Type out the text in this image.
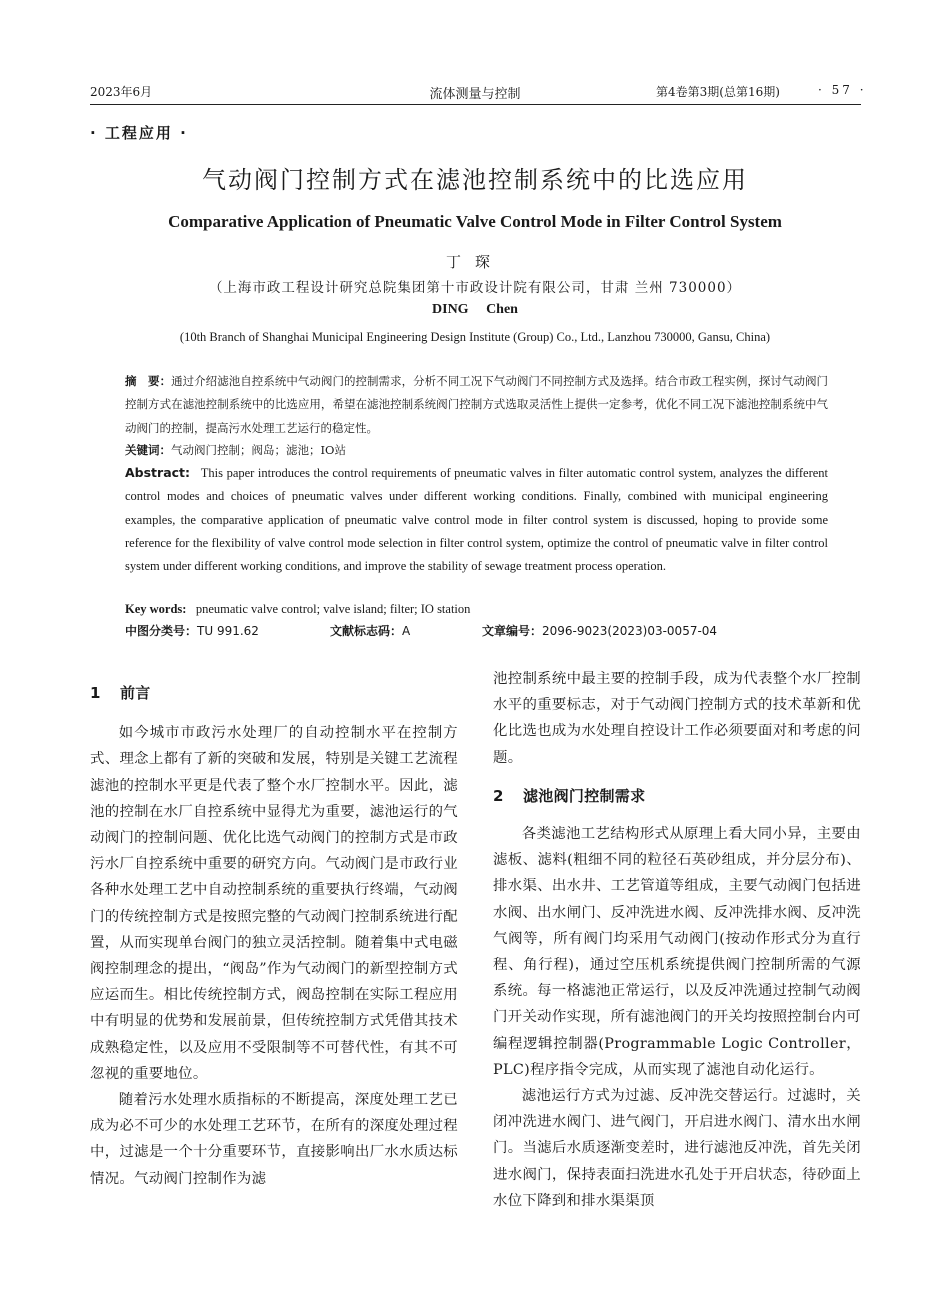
2023年6月	流体测量与控制	第4卷第3期(总第16期)	· 57 ·
· 工程应用 ·
气动阀门控制方式在滤池控制系统中的比选应用
Comparative Application of Pneumatic Valve Control Mode in Filter Control System
丁琛
（上海市政工程设计研究总院集团第十市政设计院有限公司，甘肃 兰州 730000）
DING Chen
(10th Branch of Shanghai Municipal Engineering Design Institute (Group) Co., Ltd., Lanzhou 730000, Gansu, China)
摘　要：通过介绍滤池自控系统中气动阀门的控制需求，分析不同工况下气动阀门不同控制方式及选择。结合市政工程实例，探讨气动阀门控制方式在滤池控制系统中的比选应用，希望在滤池控制系统阀门控制方式选取灵活性上提供一定参考，优化不同工况下滤池控制系统中气动阀门的控制，提高污水处理工艺运行的稳定性。
关键词：气动阀门控制；阀岛；滤池；IO站
Abstract: This paper introduces the control requirements of pneumatic valves in filter automatic control system, analyzes the different control modes and choices of pneumatic valves under different working conditions. Finally, combined with municipal engineering examples, the comparative application of pneumatic valve control mode in filter control system is discussed, hoping to provide some reference for the flexibility of valve control mode selection in filter control system, optimize the control of pneumatic valve in filter control system under different working conditions, and improve the stability of sewage treatment process operation.
Key words: pneumatic valve control; valve island; filter; IO station
中图分类号：TU 991.62	文献标志码：A	文章编号：2096-9023(2023)03-0057-04
1 前言

如今城市市政污水处理厂的自动控制水平在控制方式、理念上都有了新的突破和发展，特别是关键工艺流程滤池的控制水平更是代表了整个水厂控制水平。因此，滤池的控制在水厂自控系统中显得尤为重要，滤池运行的气动阀门的控制问题、优化比选气动阀门的控制方式是市政污水厂自控系统中重要的研究方向。气动阀门是市政行业各种水处理工艺中自动控制系统的重要执行终端，气动阀门的传统控制方式是按照完整的气动阀门控制系统进行配置，从而实现单台阀门的独立灵活控制。随着集中式电磁阀控制理念的提出，“阀岛”作为气动阀门的新型控制方式应运而生。相比传统控制方式，阀岛控制在实际工程应用中有明显的优势和发展前景，但传统控制方式凭借其技术成熟稳定性，以及应用不受限制等不可替代性，有其不可忽视的重要地位。

随着污水处理水质指标的不断提高，深度处理工艺已成为必不可少的水处理工艺环节，在所有的深度处理过程中，过滤是一个十分重要环节，直接影响出厂水水质达标情况。气动阀门控制作为滤

池控制系统中最主要的控制手段，成为代表整个水厂控制水平的重要标志，对于气动阀门控制方式的技术革新和优化比选也成为水处理自控设计工作必须要面对和考虑的问题。

2 滤池阀门控制需求

各类滤池工艺结构形式从原理上看大同小异，主要由滤板、滤料(粗细不同的粒径石英砂组成，并分层分布)、排水渠、出水井、工艺管道等组成，主要气动阀门包括进水阀、出水闸门、反冲洗进水阀、反冲洗排水阀、反冲洗气阀等，所有阀门均采用气动阀门(按动作形式分为直行程、角行程)，通过空压机系统提供阀门控制所需的气源系统。每一格滤池正常运行，以及反冲洗通过控制气动阀门开关动作实现，所有滤池阀门的开关均按照控制台内可编程逻辑控制器(Programmable Logic Controller，PLC)程序指令完成，从而实现了滤池自动化运行。

滤池运行方式为过滤、反冲洗交替运行。过滤时，关闭冲洗进水阀门、进气阀门，开启进水阀门、清水出水闸门。当滤后水质逐渐变差时，进行滤池反冲洗，首先关闭进水阀门，保持表面扫洗进水孔处于开启状态，待砂面上水位下降到和排水渠渠顶
